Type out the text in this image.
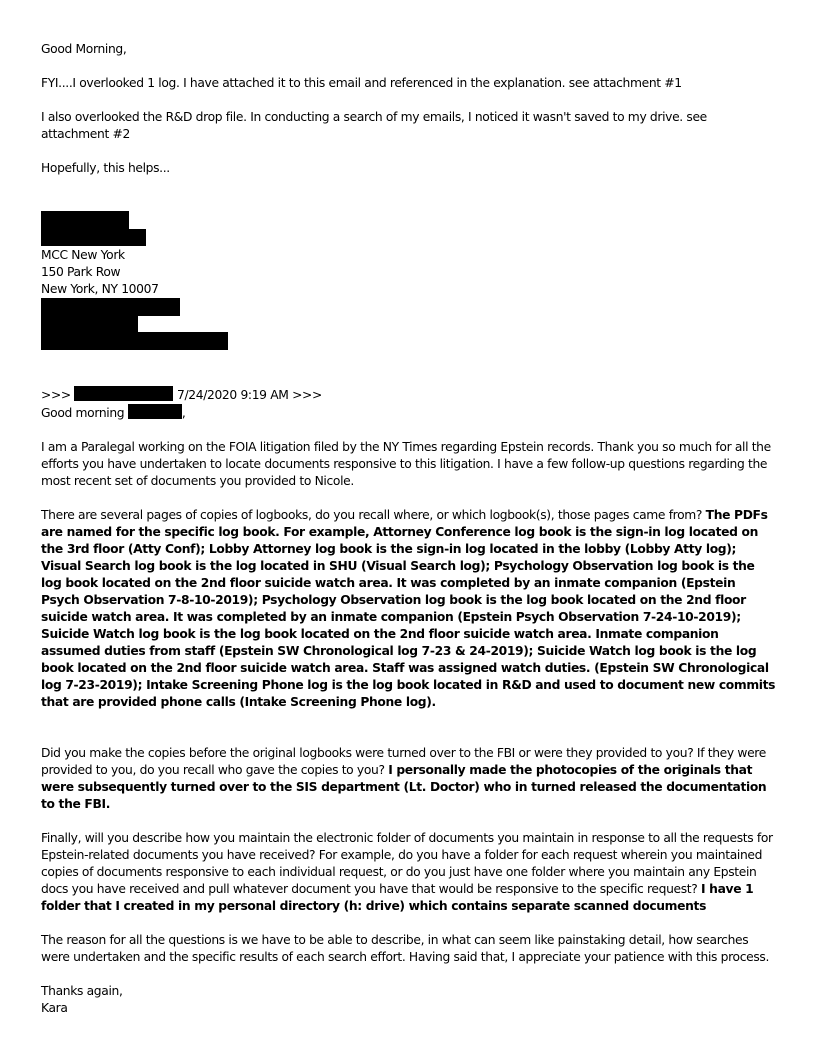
Good Morning,

FYI....I overlooked 1 log. I have attached it to this email and referenced in the explanation. see attachment #1

I also overlooked the R&D drop file. In conducting a search of my emails, I noticed it wasn't saved to my drive. see attachment #2

Hopefully, this helps...

MCC New York

150 Park Row

New York, NY 10007

>>>	7/24/2020 9:19 AM >>>

Good morning	,

I am a Paralegal working on the FOIA litigation filed by the NY Times regarding Epstein records. Thank you so much for all the efforts you have undertaken to locate documents responsive to this litigation. I have a few follow-up questions regarding the most recent set of documents you provided to Nicole.

There are several pages of copies of logbooks, do you recall where, or which logbook(s), those pages came from? The PDFs are named for the specific log book. For example, Attorney Conference log book is the sign-in log located on the 3rd floor (Atty Conf); Lobby Attorney log book is the sign-in log located in the lobby (Lobby Atty log); Visual Search log book is the log located in SHU (Visual Search log); Psychology Observation log book is the log book located on the 2nd floor suicide watch area. It was completed by an inmate companion (Epstein Psych Observation 7-8-10-2019); Psychology Observation log book is the log book located on the 2nd floor suicide watch area. It was completed by an inmate companion (Epstein Psych Observation 7-24-10-2019); Suicide Watch log book is the log book located on the 2nd floor suicide watch area. Inmate companion assumed duties from staff (Epstein SW Chronological log 7-23 & 24-2019); Suicide Watch log book is the log book located on the 2nd floor suicide watch area. Staff was assigned watch duties. (Epstein SW Chronological log 7-23-2019); Intake Screening Phone log is the log book located in R&D and used to document new commits that are provided phone calls (Intake Screening Phone log).

Did you make the copies before the original logbooks were turned over to the FBI or were they provided to you? If they were provided to you, do you recall who gave the copies to you? I personally made the photocopies of the originals that were subsequently turned over to the SIS department (Lt. Doctor) who in turned released the documentation to the FBI.

Finally, will you describe how you maintain the electronic folder of documents you maintain in response to all the requests for Epstein-related documents you have received? For example, do you have a folder for each request wherein you maintained copies of documents responsive to each individual request, or do you just have one folder where you maintain any Epstein docs you have received and pull whatever document you have that would be responsive to the specific request? I have 1 folder that I created in my personal directory (h: drive) which contains separate scanned documents

The reason for all the questions is we have to be able to describe, in what can seem like painstaking detail, how searches were undertaken and the specific results of each search effort. Having said that, I appreciate your patience with this process.

Thanks again,

Kara
